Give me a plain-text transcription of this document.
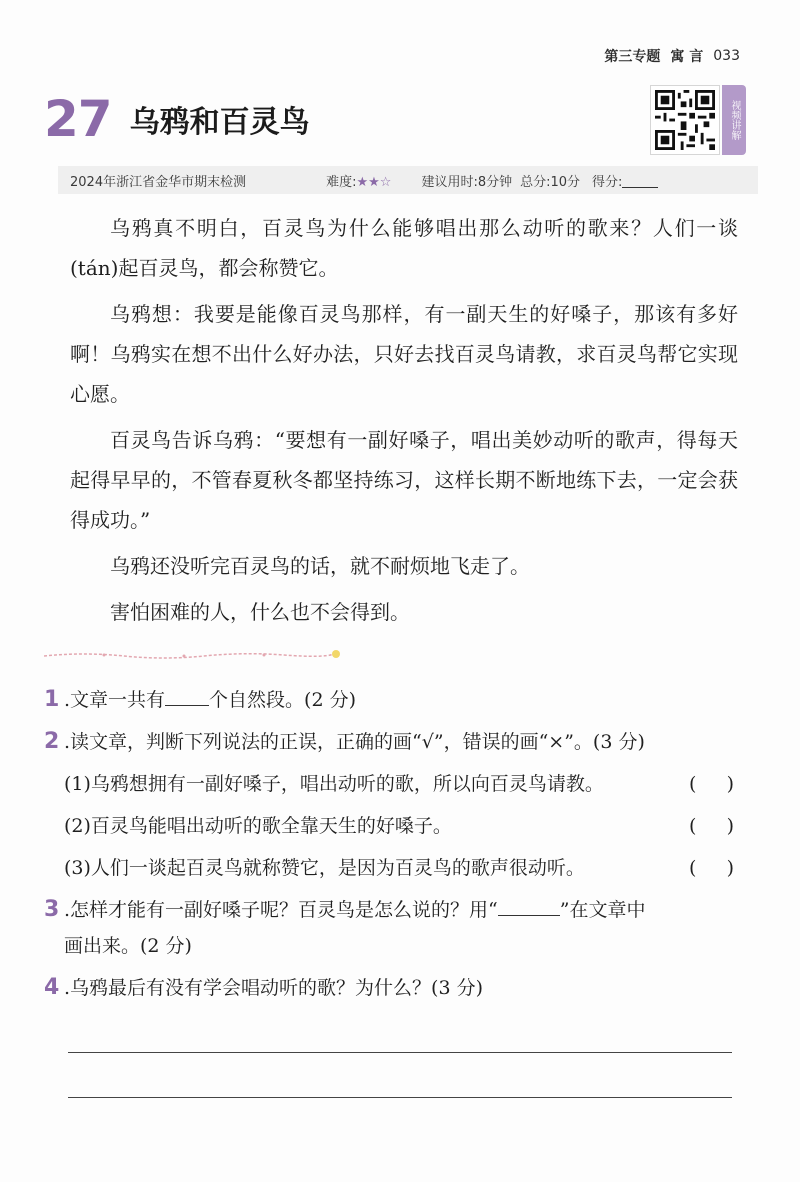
第三专题 寓 言 033
27 乌鸦和百灵鸟	视频讲解
2024年浙江省金华市期末检测	难度:★★☆ 建议用时:8分钟 总分:10分 得分:

乌鸦真不明白，百灵鸟为什么能够唱出那么动听的歌来？人们一谈(tán)起百灵鸟，都会称赞它。

乌鸦想：我要是能像百灵鸟那样，有一副天生的好嗓子，那该有多好啊！乌鸦实在想不出什么好办法，只好去找百灵鸟请教，求百灵鸟帮它实现心愿。

百灵鸟告诉乌鸦：“要想有一副好嗓子，唱出美妙动听的歌声，得每天起得早早的，不管春夏秋冬都坚持练习，这样长期不断地练下去，一定会获得成功。”

乌鸦还没听完百灵鸟的话，就不耐烦地飞走了。

害怕困难的人，什么也不会得到。

1 .文章一共有 个自然段。(2 分)
2 .读文章，判断下列说法的正误，正确的画“√”，错误的画“×”。(3 分)
(1)乌鸦想拥有一副好嗓子，唱出动听的歌，所以向百灵鸟请教。	(     )
(2)百灵鸟能唱出动听的歌全靠天生的好嗓子。	(     )
(3)人们一谈起百灵鸟就称赞它，是因为百灵鸟的歌声很动听。	(     )
3 .怎样才能有一副好嗓子呢？百灵鸟是怎么说的？用“	”在文章中
画出来。(2 分)
4 .乌鸦最后有没有学会唱动听的歌？为什么？(3 分)
